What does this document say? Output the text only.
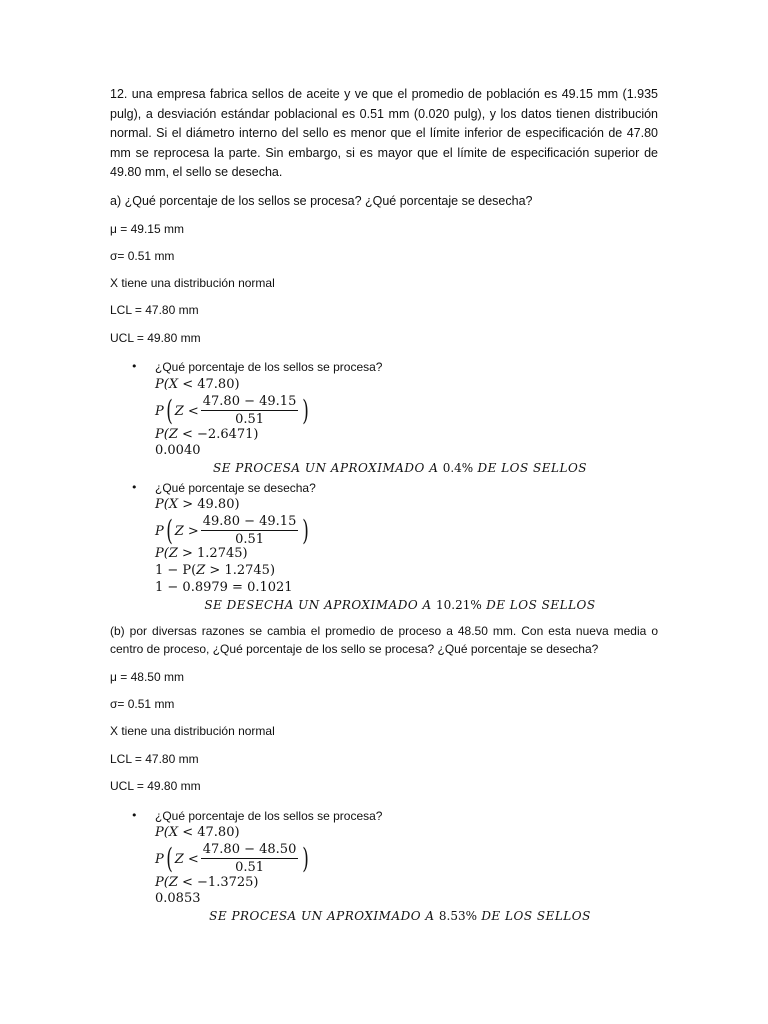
12. una empresa fabrica sellos de aceite y ve que el promedio de población es 49.15 mm (1.935 pulg), a desviación estándar poblacional es 0.51 mm (0.020 pulg), y los datos tienen distribución normal. Si el diámetro interno del sello es menor que el límite inferior de especificación de 47.80 mm se reprocesa la parte. Sin embargo, si es mayor que el límite de especificación superior de 49.80 mm, el sello se desecha.

a) ¿Qué porcentaje de los sellos se procesa? ¿Qué porcentaje se desecha?
μ = 49.15 mm
σ= 0.51 mm
X tiene una distribución normal
LCL = 47.80 mm
UCL = 49.80 mm
• ¿Qué porcentaje de los sellos se procesa?
P(X < 47.80)
P ( $Z < \frac{47.80 - 49.15}{0.51}$ )
P(Z < −2.6471)
0.0040
SE PROCESA UN APROXIMADO A 0.4% DE LOS SELLOS
• ¿Qué porcentaje se desecha?
P(X > 49.80)
P ( $Z > \frac{49.80 - 49.15}{0.51}$ )
P(Z > 1.2745)
1 − P(Z > 1.2745)
1 − 0.8979 = 0.1021
SE DESECHA UN APROXIMADO A 10.21% DE LOS SELLOS

(b) por diversas razones se cambia el promedio de proceso a 48.50 mm. Con esta nueva media o centro de proceso, ¿Qué porcentaje de los sello se procesa? ¿Qué porcentaje se desecha?

μ = 48.50 mm
σ= 0.51 mm
X tiene una distribución normal
LCL = 47.80 mm
UCL = 49.80 mm
• ¿Qué porcentaje de los sellos se procesa?
P(X < 47.80)
P ( $Z < \frac{47.80 - 48.50}{0.51}$ )
P(Z < −1.3725)
0.0853
SE PROCESA UN APROXIMADO A 8.53% DE LOS SELLOS
